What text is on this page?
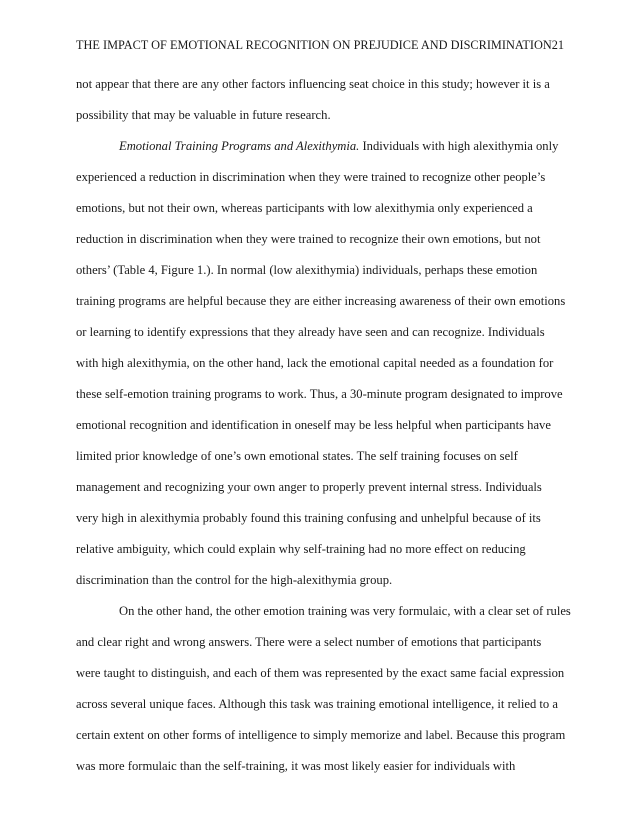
THE IMPACT OF EMOTIONAL RECOGNITION ON PREJUDICE AND DISCRIMINATION 21
not appear that there are any other factors influencing seat choice in this study; however it is a
possibility that may be valuable in future research.
Emotional Training Programs and Alexithymia. Individuals with high alexithymia only
experienced a reduction in discrimination when they were trained to recognize other people’s
emotions, but not their own, whereas participants with low alexithymia only experienced a
reduction in discrimination when they were trained to recognize their own emotions, but not
others’ (Table 4, Figure 1.). In normal (low alexithymia) individuals, perhaps these emotion
training programs are helpful because they are either increasing awareness of their own emotions
or learning to identify expressions that they already have seen and can recognize. Individuals
with high alexithymia, on the other hand, lack the emotional capital needed as a foundation for
these self-emotion training programs to work. Thus, a 30-minute program designated to improve
emotional recognition and identification in oneself may be less helpful when participants have
limited prior knowledge of one’s own emotional states. The self training focuses on self
management and recognizing your own anger to properly prevent internal stress. Individuals
very high in alexithymia probably found this training confusing and unhelpful because of its
relative ambiguity, which could explain why self-training had no more effect on reducing
discrimination than the control for the high-alexithymia group.
On the other hand, the other emotion training was very formulaic, with a clear set of rules
and clear right and wrong answers. There were a select number of emotions that participants
were taught to distinguish, and each of them was represented by the exact same facial expression
across several unique faces. Although this task was training emotional intelligence, it relied to a
certain extent on other forms of intelligence to simply memorize and label. Because this program
was more formulaic than the self-training, it was most likely easier for individuals with
